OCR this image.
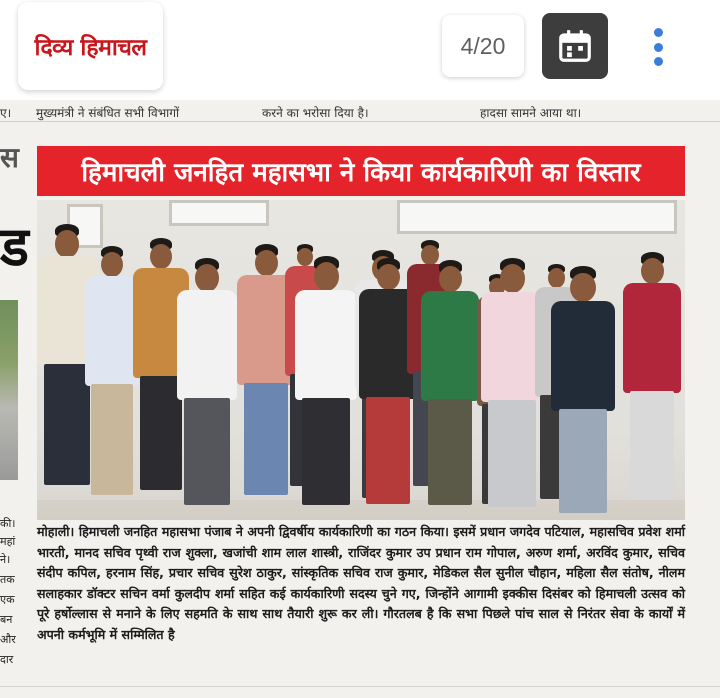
दिव्य हिमाचल	4/20
ए। मुख्यमंत्री ने संबंधित सभी विभागों	करने का भरोसा दिया है।	हादसा सामने आया था।
स
ड
की।
महां
ने।
तक
एक
बन
और
दार
हिमाचली जनहित महासभा ने किया कार्यकारिणी का विस्तार
मोहाली। हिमाचली जनहित महासभा पंजाब ने अपनी द्विवर्षीय कार्यकारिणी का गठन किया। इसमें प्रधान जगदेव पटियाल, महासचिव प्रवेश शर्मा भारती, मानद सचिव पृथ्वी राज शुक्ला, खजांची शाम लाल शास्त्री, राजिंदर कुमार उप प्रधान राम गोपाल, अरुण शर्मा, अरविंद कुमार, सचिव संदीप कपिल, हरनाम सिंह, प्रचार सचिव सुरेश ठाकुर, सांस्कृतिक सचिव राज कुमार, मेडिकल सैल सुनील चौहान, महिला सैल संतोष, नीलम सलाहकार डॉक्टर सचिन वर्मा कुलदीप शर्मा सहित कई कार्यकारिणी सदस्य चुने गए, जिन्होंने आगामी इक्कीस दिसंबर को हिमाचली उत्सव को पूरे हर्षोल्लास से मनाने के लिए सहमति के साथ साथ तैयारी शुरू कर ली। गौरतलब है कि सभा पिछले पांच साल से निरंतर सेवा के कार्यों में अपनी कर्मभूमि में सम्मिलित है
